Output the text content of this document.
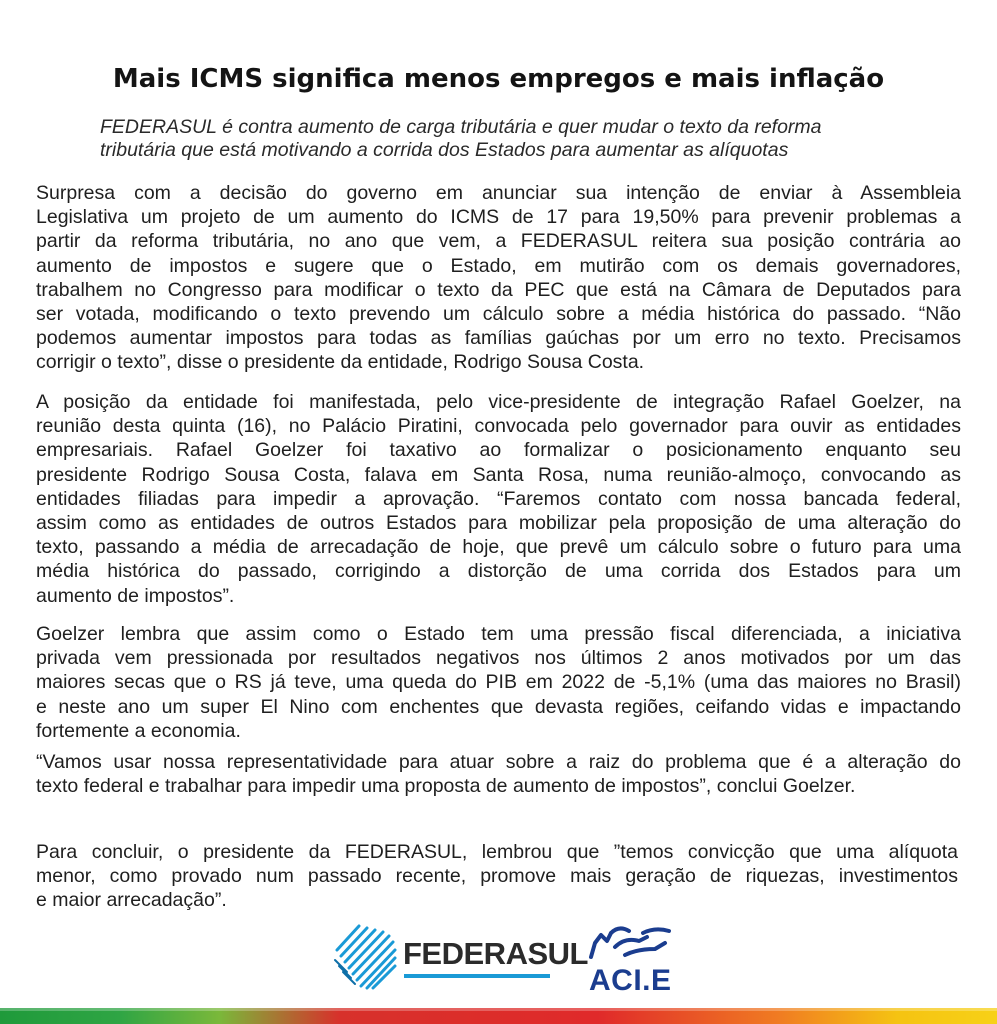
Mais ICMS significa menos empregos e mais inflação
FEDERASUL é contra aumento de carga tributária e quer mudar o texto da reforma
tributária que está motivando a corrida dos Estados para aumentar as alíquotas
Surpresa com a decisão do governo em anunciar sua intenção de enviar à Assembleia
Legislativa um projeto de um aumento do ICMS de 17 para 19,50% para prevenir problemas a
partir da reforma tributária, no ano que vem, a FEDERASUL reitera sua posição contrária ao
aumento de impostos e sugere que o Estado, em mutirão com os demais governadores,
trabalhem no Congresso para modificar o texto da PEC que está na Câmara de Deputados para
ser votada, modificando o texto prevendo um cálculo sobre a média histórica do passado. “Não
podemos aumentar impostos para todas as famílias gaúchas por um erro no texto. Precisamos
corrigir o texto”, disse o presidente da entidade, Rodrigo Sousa Costa.
A posição da entidade foi manifestada, pelo vice-presidente de integração Rafael Goelzer, na
reunião desta quinta (16), no Palácio Piratini, convocada pelo governador para ouvir as entidades
empresariais. Rafael Goelzer foi taxativo ao formalizar o posicionamento enquanto seu
presidente Rodrigo Sousa Costa, falava em Santa Rosa, numa reunião-almoço, convocando as
entidades filiadas para impedir a aprovação. “Faremos contato com nossa bancada federal,
assim como as entidades de outros Estados para mobilizar pela proposição de uma alteração do
texto, passando a média de arrecadação de hoje, que prevê um cálculo sobre o futuro para uma
média histórica do passado, corrigindo a distorção de uma corrida dos Estados para um
aumento de impostos”.
Goelzer lembra que assim como o Estado tem uma pressão fiscal diferenciada, a iniciativa
privada vem pressionada por resultados negativos nos últimos 2 anos motivados por um das
maiores secas que o RS já teve, uma queda do PIB em 2022 de -5,1% (uma das maiores no Brasil)
e neste ano um super El Nino com enchentes que devasta regiões, ceifando vidas e impactando
fortemente a economia.
“Vamos usar nossa representatividade para atuar sobre a raiz do problema que é a alteração do
texto federal e trabalhar para impedir uma proposta de aumento de impostos”, conclui Goelzer.
Para concluir, o presidente da FEDERASUL, lembrou que ”temos convicção que uma alíquota
menor, como provado num passado recente, promove mais geração de riquezas, investimentos
e maior arrecadação”.
FEDERASUL
ACI.E
